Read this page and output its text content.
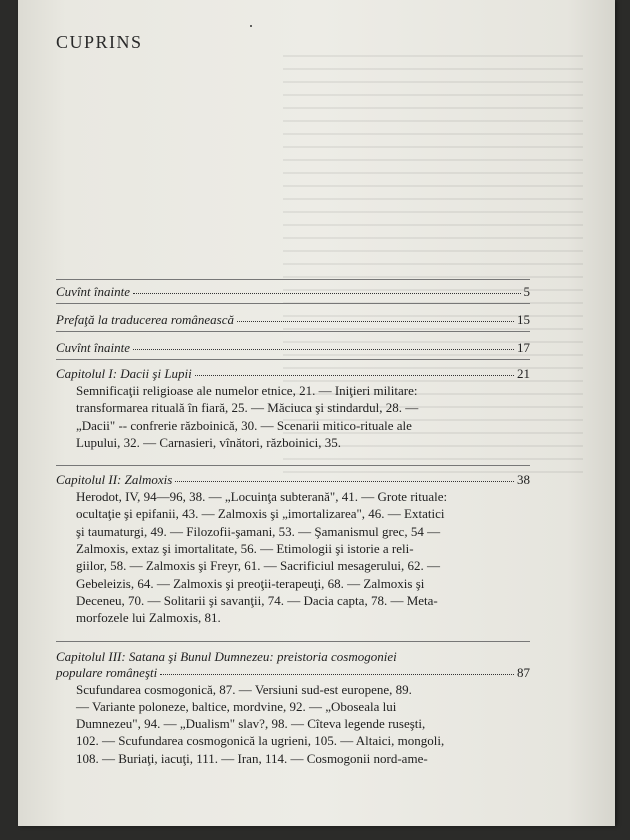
CUPRINS
Cuvînt înainte	5
Prefaţă la traducerea românească	15
Cuvînt înainte	17
Capitolul I: Dacii şi Lupii	21
Semnificaţii religioase ale numelor etnice, 21. — Iniţieri militare:
transformarea rituală în fiară, 25. — Măciuca şi stindardul, 28. —
„Dacii" -- confrerie războinică, 30. — Scenarii mitico-rituale ale
Lupului, 32. — Carnasieri, vînători, războinici, 35.
Capitolul II: Zalmoxis	38
Herodot, IV, 94—96, 38. — „Locuinţa subterană", 41. — Grote rituale:
ocultaţie şi epifanii, 43. — Zalmoxis şi „imortalizarea", 46. — Extatici
şi taumaturgi, 49. — Filozofii-şamani, 53. — Şamanismul grec, 54 —
Zalmoxis, extaz şi imortalitate, 56. — Etimologii şi istorie a reli-
giilor, 58. — Zalmoxis şi Freyr, 61. — Sacrificiul mesagerului, 62. —
Gebeleizis, 64. — Zalmoxis şi preoţii-terapeuţi, 68. — Zalmoxis şi
Deceneu, 70. — Solitarii şi savanţii, 74. — Dacia capta, 78. — Meta-
morfozele lui Zalmoxis, 81.
Capitolul III: Satana şi Bunul Dumnezeu: preistoria cosmogoniei
populare româneşti	87
Scufundarea cosmogonică, 87. — Versiuni sud-est europene, 89.
— Variante poloneze, baltice, mordvine, 92. — „Oboseala lui
Dumnezeu", 94. — „Dualism" slav?, 98. — Cîteva legende ruseşti,
102. — Scufundarea cosmogonică la ugrieni, 105. — Altaici, mongoli,
108. — Buriaţi, iacuţi, 111. — Iran, 114. — Cosmogonii nord-ame-
